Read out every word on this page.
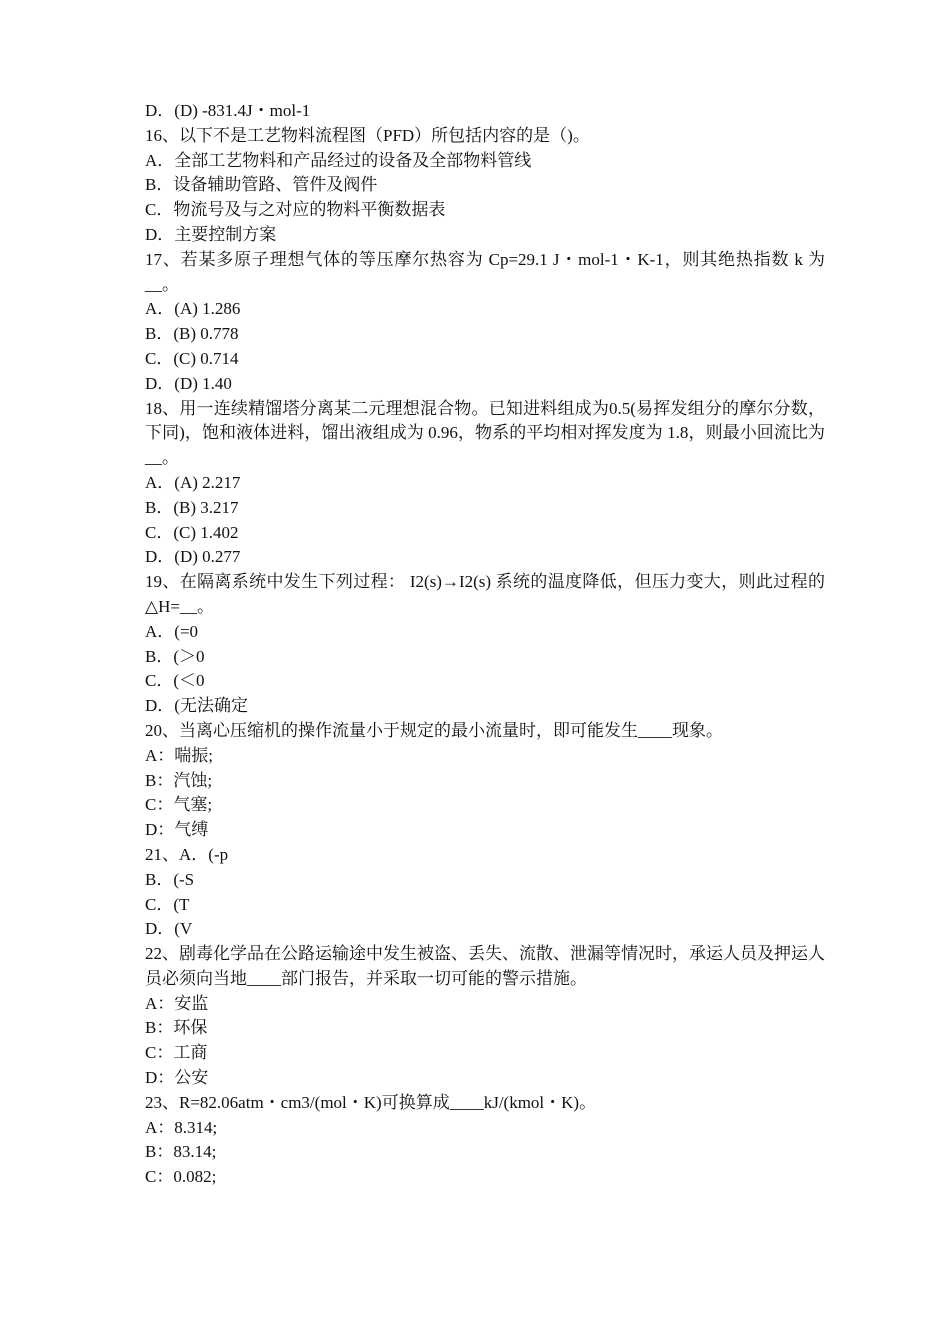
D．(D) -831.4J・mol-1
16、以下不是工艺物料流程图（PFD）所包括内容的是（)。
A．全部工艺物料和产品经过的设备及全部物料管线
B．设备辅助管路、管件及阀件
C．物流号及与之对应的物料平衡数据表
D．主要控制方案
17、若某多原子理想气体的等压摩尔热容为 Cp=29.1 J・mol-1・K-1，则其绝热指数 k 为__。
A．(A) 1.286
B．(B) 0.778
C．(C) 0.714
D．(D) 1.40
18、用一连续精馏塔分离某二元理想混合物。已知进料组成为0.5(易挥发组分的摩尔分数，下同)，饱和液体进料，馏出液组成为 0.96，物系的平均相对挥发度为 1.8，则最小回流比为__。
A．(A) 2.217
B．(B) 3.217
C．(C) 1.402
D．(D) 0.277
19、在隔离系统中发生下列过程： I2(s)→I2(s) 系统的温度降低，但压力变大，则此过程的△H=__。
A．(=0
B．(＞0
C．(＜0
D．(无法确定
20、当离心压缩机的操作流量小于规定的最小流量时，即可能发生____现象。
A：喘振;
B：汽蚀;
C：气塞;
D：气缚
21、A．(-p
B．(-S
C．(T
D．(V
22、剧毒化学品在公路运输途中发生被盗、丢失、流散、泄漏等情况时，承运人员及押运人员必须向当地____部门报告，并采取一切可能的警示措施。
A：安监
B：环保
C：工商
D：公安
23、R=82.06atm・cm3/(mol・K)可换算成____kJ/(kmol・K)。
A：8.314;
B：83.14;
C：0.082;
